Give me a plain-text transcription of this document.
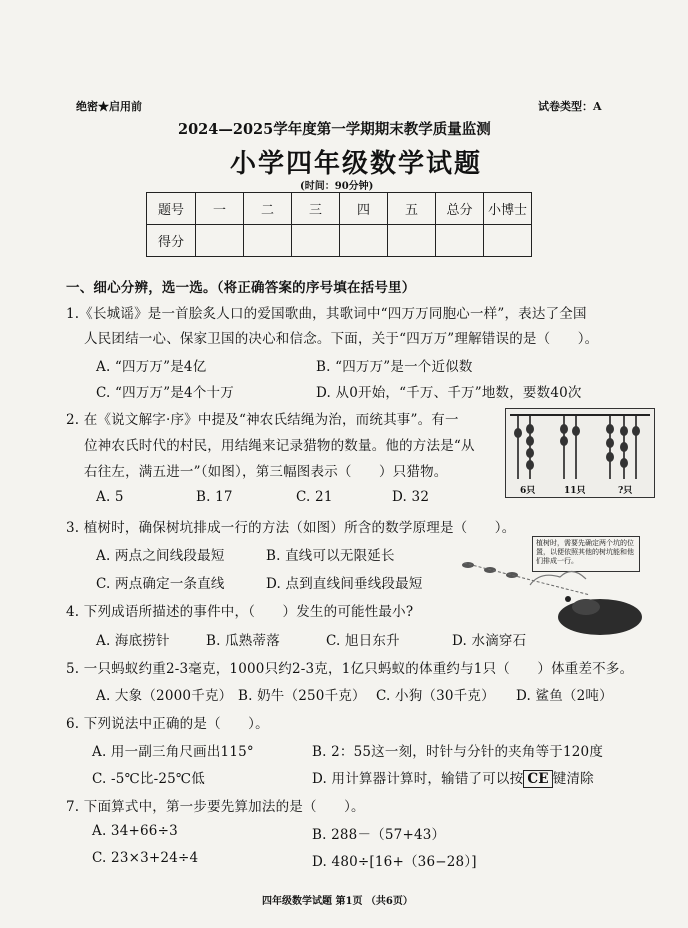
绝密★启用前	试卷类型：A
2024—2025学年度第一学期期末教学质量监测
小学四年级数学试题
(时间：90分钟)
题号	一	二	三	四	五	总分	小博士
得分							
一、细心分辨，选一选。（将正确答案的序号填在括号里）
1.《长城谣》是一首脍炙人口的爱国歌曲，其歌词中“四万万同胞心一样”，表达了全国
人民团结一心、保家卫国的决心和信念。下面，关于“四万万”理解错误的是（　　）。
A. “四万万”是4亿	B. “四万万”是一个近似数
C. “四万万”是4个十万	D. 从0开始，“千万、千万”地数，要数40次
2. 在《说文解字·序》中提及“神农氏结绳为治，而统其事”。有一
位神农氏时代的村民，用结绳来记录猎物的数量。他的方法是“从
右往左，满五进一”（如图），第三幅图表示（　　）只猎物。
A. 5	B. 17	C. 21	D. 32	6只	11只	?只
3. 植树时，确保树坑排成一行的方法（如图）所含的数学原理是（　　）。
A. 两点之间线段最短	B. 直线可以无限延长
C. 两点确定一条直线	D. 点到直线间垂线段最短
植树时，需要先确定两个坑的位置，以便依照其他的树坑能和他们排成一行。
4. 下列成语所描述的事件中，（　　）发生的可能性最小?
A. 海底捞针	B. 瓜熟蒂落	C. 旭日东升	D. 水滴穿石
5. 一只蚂蚁约重2-3毫克，1000只约2-3克，1亿只蚂蚁的体重约与1只（　　）体重差不多。
A. 大象（2000千克） B. 奶牛（250千克） C. 小狗（30千克） D. 鲨鱼（2吨）
6. 下列说法中正确的是（　　）。
A. 用一副三角尺画出115°	B. 2：55这一刻，时针与分针的夹角等于120度
C. -5℃比-25℃低	D. 用计算器计算时，输错了可以按 CE 键清除
7. 下面算式中，第一步要先算加法的是（　　）。
A. 34+66÷3	B. 288－（57+43）
C. 23×3+24÷4	D. 480÷[16+（36−28）]
四年级数学试题 第1页 （共6页）
